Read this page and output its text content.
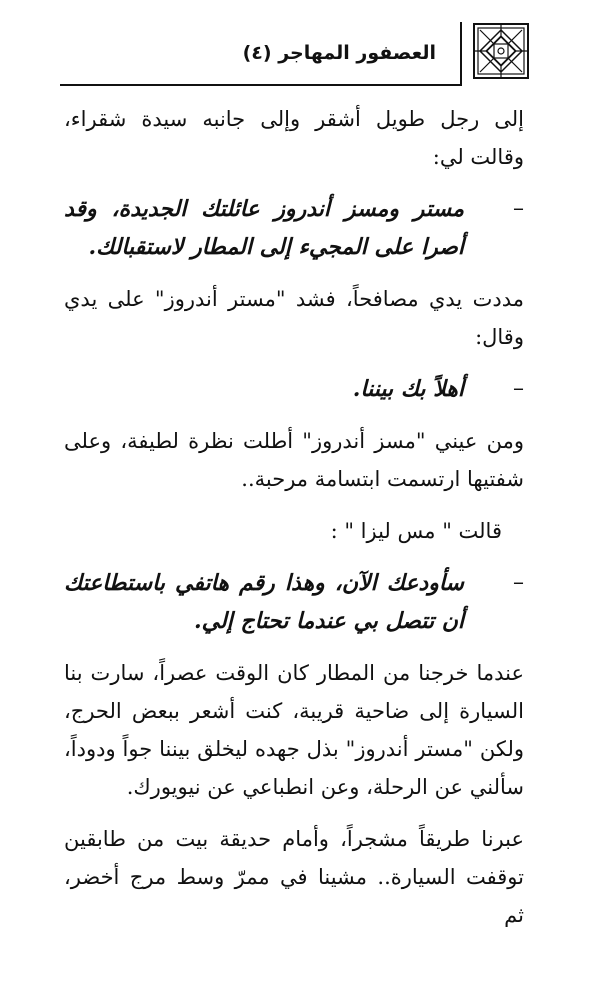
العصفور المهاجر (٤)

إلى رجل طويل أشقر وإلى جانبه سيدة شقراء، وقالت لي:

–
مستر ومسز أندروز عائلتك الجديدة، وقد أصرا على المجيء إلى المطار لاستقبالك.

مددت يدي مصافحاً، فشد "مستر أندروز" على يدي وقال:

–
أهلاً بك بيننا.

ومن عيني "مسز أندروز" أطلت نظرة لطيفة، وعلى شفتيها ارتسمت ابتسامة مرحبة..

قالت " مس ليزا " :

–
سأودعك الآن، وهذا رقم هاتفي باستطاعتك أن تتصل بي عندما تحتاج إلي.

عندما خرجنا من المطار كان الوقت عصراً، سارت بنا السيارة إلى ضاحية قريبة، كنت أشعر ببعض الحرج، ولكن "مستر أندروز" بذل جهده ليخلق بيننا جواً ودوداً، سألني عن الرحلة، وعن انطباعي عن نيويورك.

عبرنا طريقاً مشجراً، وأمام حديقة بيت من طابقين توقفت السيارة.. مشينا في ممرّ وسط مرج أخضر، ثم
